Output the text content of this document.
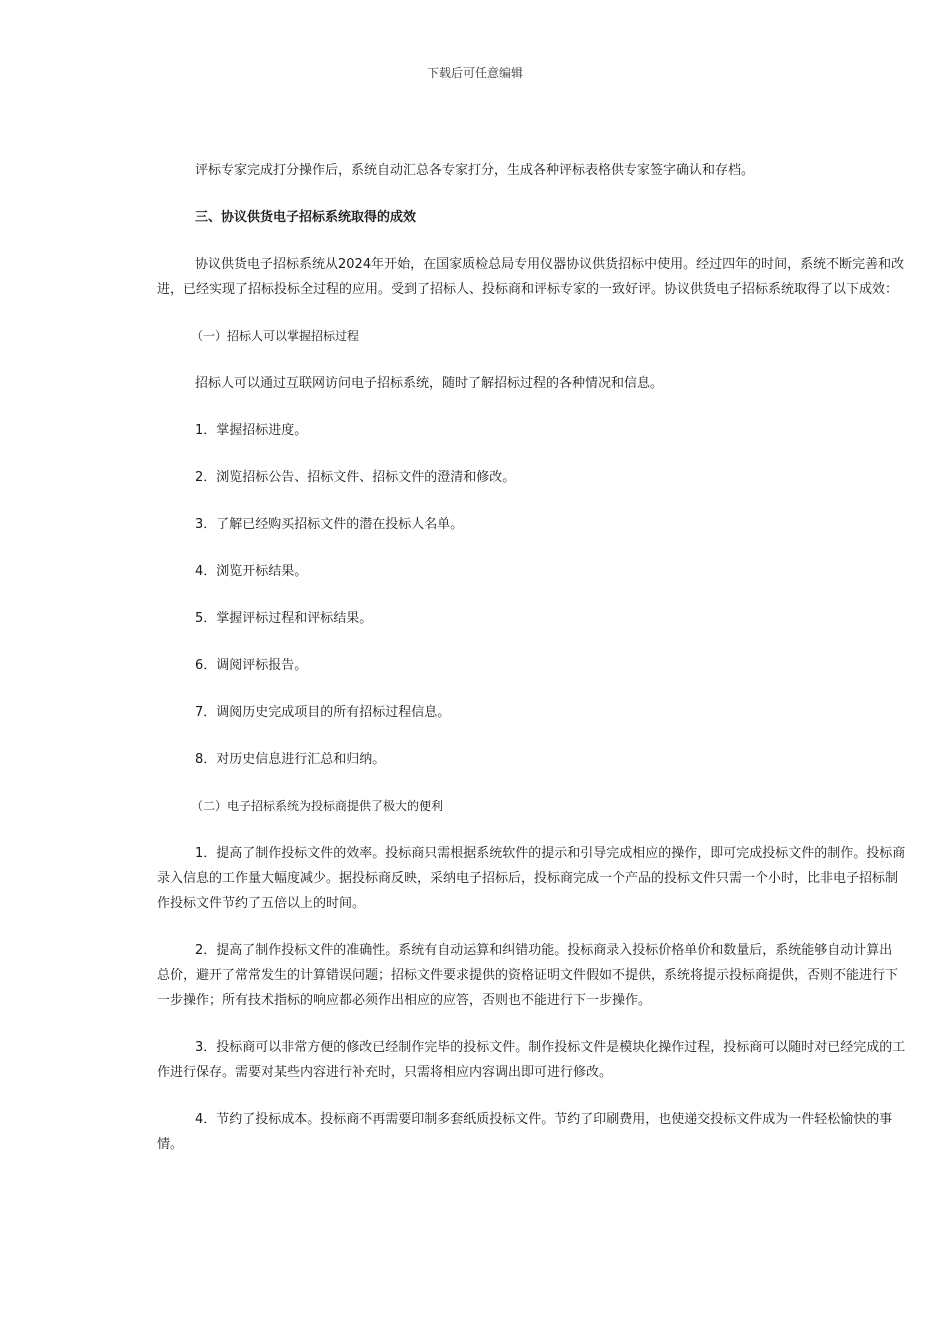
下载后可任意编辑

评标专家完成打分操作后，系统自动汇总各专家打分，生成各种评标表格供专家签字确认和存档。

三、协议供货电子招标系统取得的成效

协议供货电子招标系统从2024年开始，在国家质检总局专用仪器协议供货招标中使用。经过四年的时间，系统不断完善和改

进，已经实现了招标投标全过程的应用。受到了招标人、投标商和评标专家的一致好评。协议供货电子招标系统取得了以下成效：

（一）招标人可以掌握招标过程

招标人可以通过互联网访问电子招标系统，随时了解招标过程的各种情况和信息。

1．掌握招标进度。

2．浏览招标公告、招标文件、招标文件的澄清和修改。

3．了解已经购买招标文件的潜在投标人名单。

4．浏览开标结果。

5．掌握评标过程和评标结果。

6．调阅评标报告。

7．调阅历史完成项目的所有招标过程信息。

8．对历史信息进行汇总和归纳。

（二）电子招标系统为投标商提供了极大的便利

1．提高了制作投标文件的效率。投标商只需根据系统软件的提示和引导完成相应的操作，即可完成投标文件的制作。投标商

录入信息的工作量大幅度减少。据投标商反映，采纳电子招标后，投标商完成一个产品的投标文件只需一个小时，比非电子招标制

作投标文件节约了五倍以上的时间。

2．提高了制作投标文件的准确性。系统有自动运算和纠错功能。投标商录入投标价格单价和数量后，系统能够自动计算出

总价，避开了常常发生的计算错误问题；招标文件要求提供的资格证明文件假如不提供，系统将提示投标商提供，否则不能进行下

一步操作；所有技术指标的响应都必须作出相应的应答，否则也不能进行下一步操作。

3．投标商可以非常方便的修改已经制作完毕的投标文件。制作投标文件是模块化操作过程，投标商可以随时对已经完成的工

作进行保存。需要对某些内容进行补充时，只需将相应内容调出即可进行修改。

4．节约了投标成本。投标商不再需要印制多套纸质投标文件。节约了印刷费用，也使递交投标文件成为一件轻松愉快的事

情。
